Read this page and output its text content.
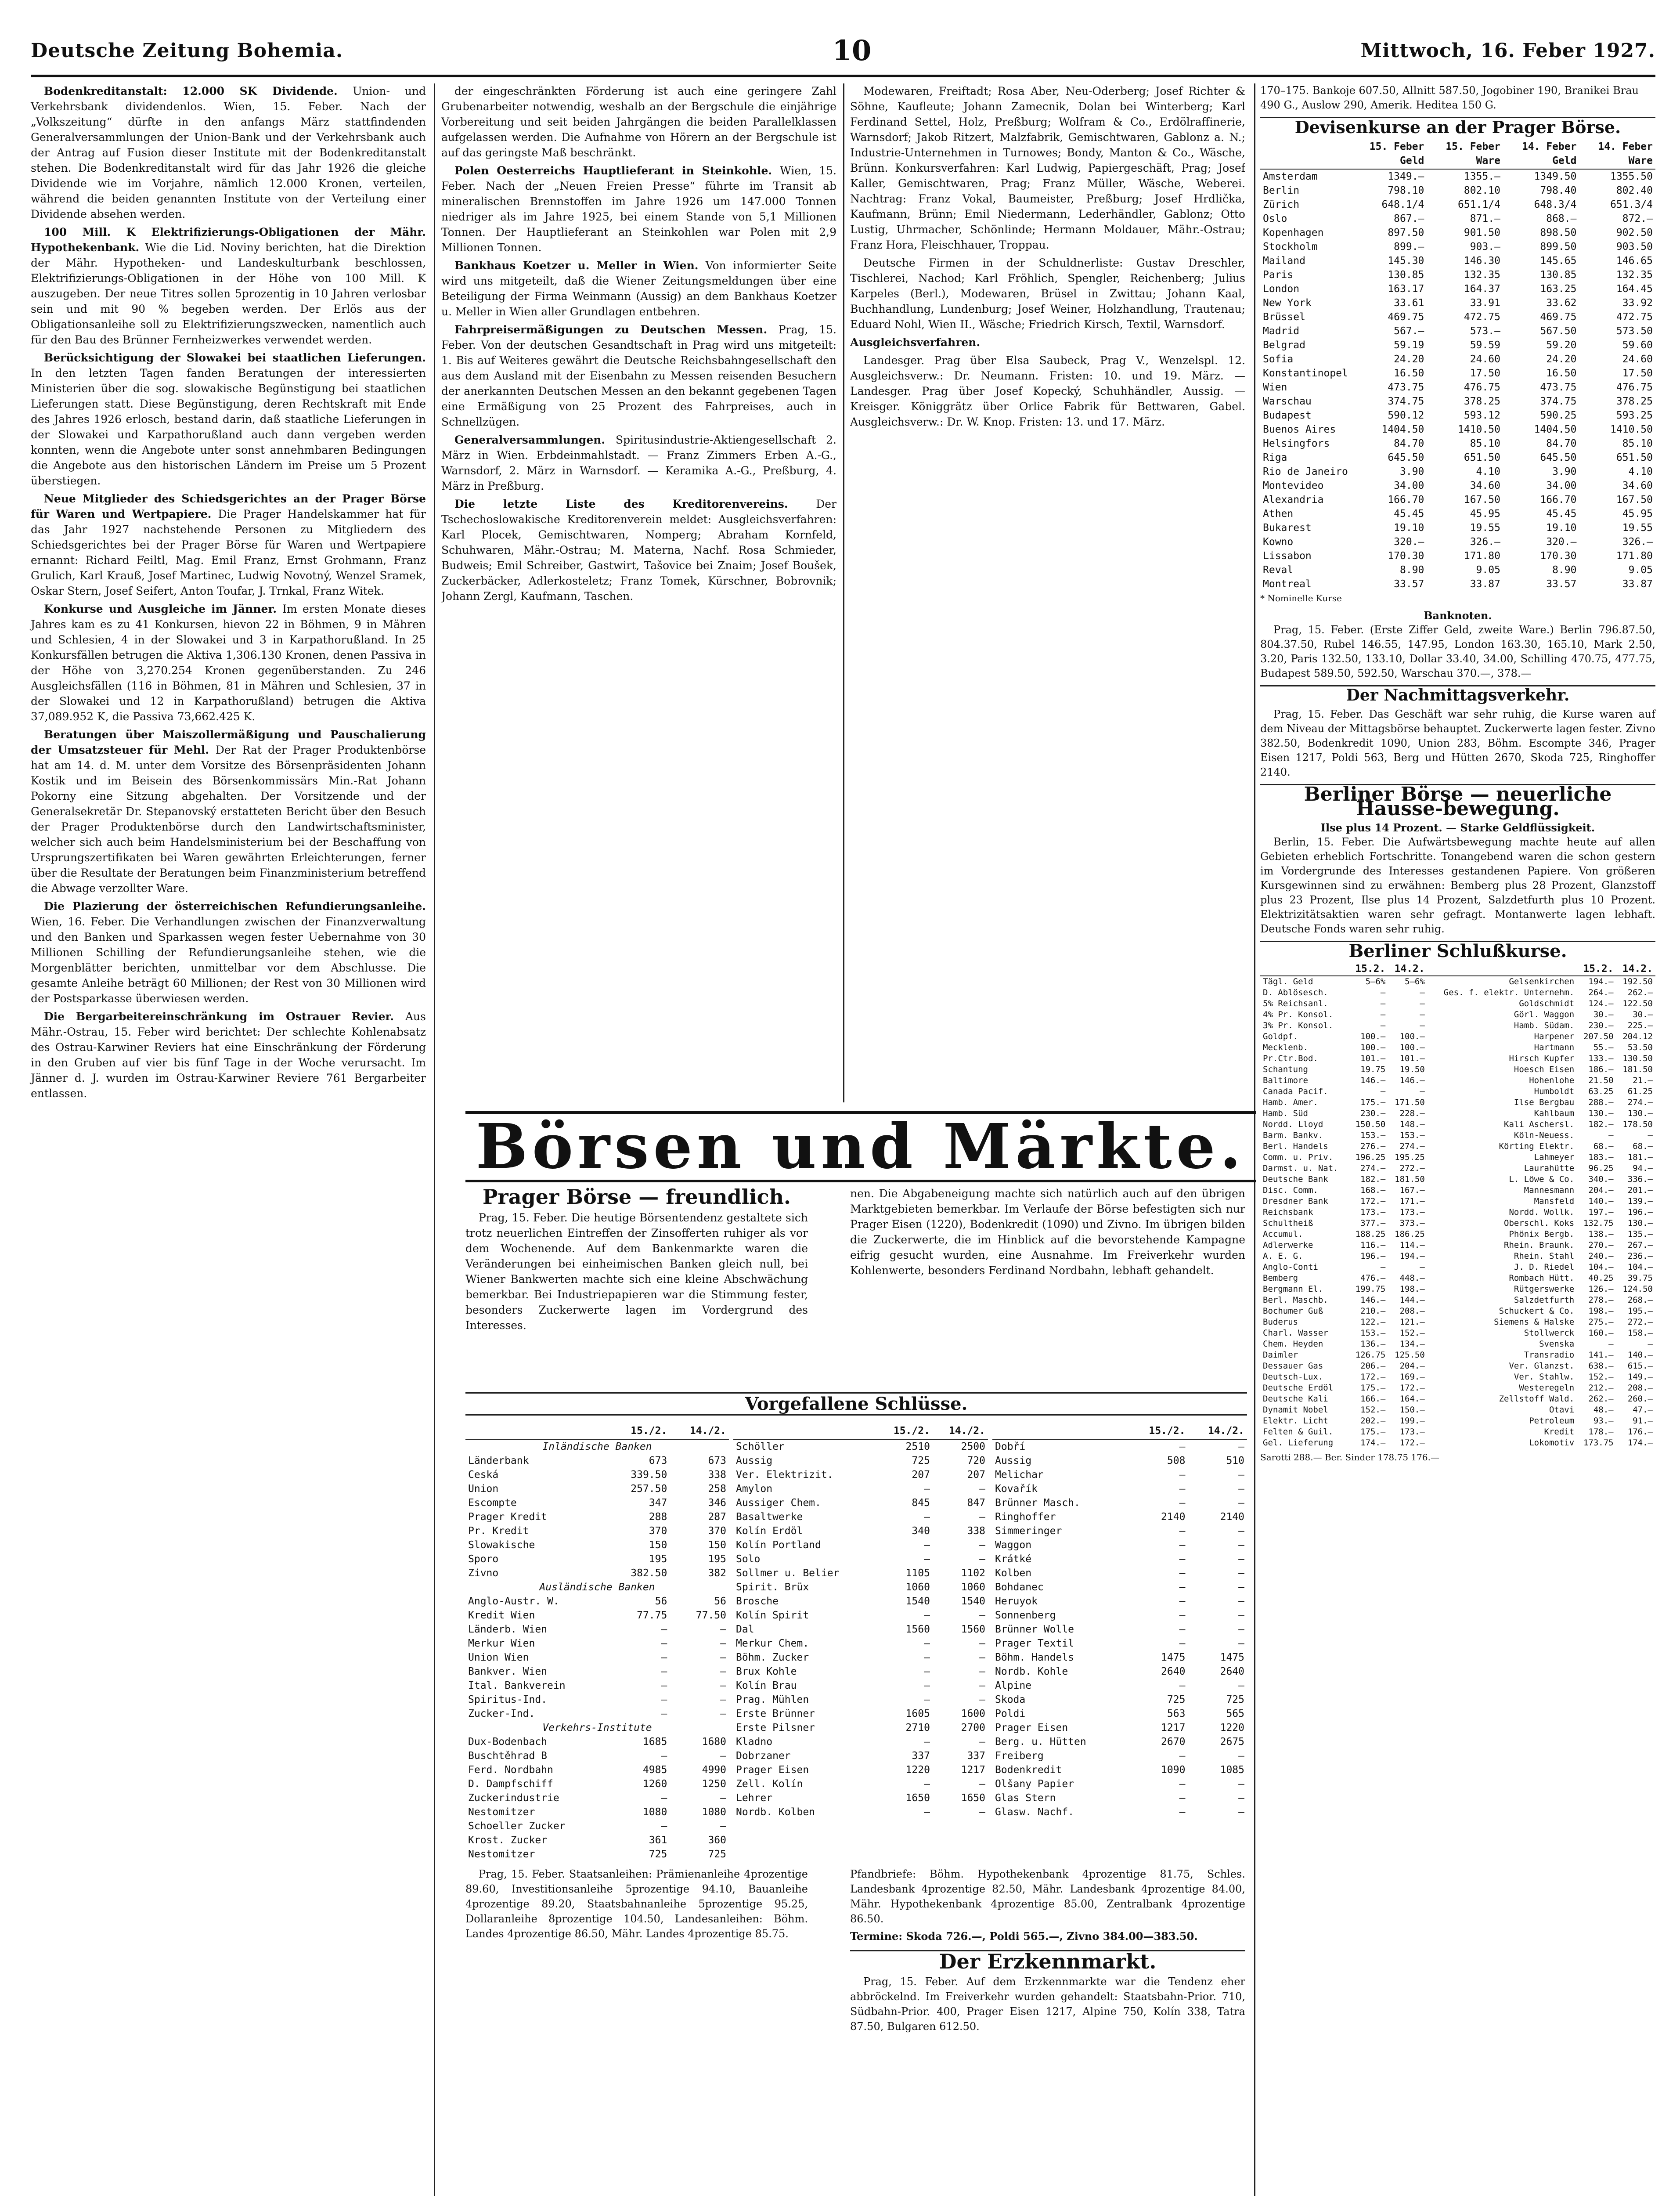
Deutsche Zeitung Bohemia.	10	Mittwoch, 16. Feber 1927.

Bodenkreditanstalt: 12.000 SK Dividende. Union- und Verkehrsbank dividendenlos. Wien, 15. Feber. Nach der „Volkszeitung“ dürfte in den anfangs März stattfindenden Generalversammlungen der Union-Bank und der Verkehrsbank auch der Antrag auf Fusion dieser Institute mit der Bodenkreditanstalt stehen. Die Bodenkreditanstalt wird für das Jahr 1926 die gleiche Dividende wie im Vorjahre, nämlich 12.000 Kronen, verteilen, während die beiden genannten Institute von der Verteilung einer Dividende absehen werden.

100 Mill. K Elektrifizierungs-Obligationen der Mähr. Hypothekenbank. Wie die Lid. Noviny berichten, hat die Direktion der Mähr. Hypotheken- und Landeskulturbank beschlossen, Elektrifizierungs-Obligationen in der Höhe von 100 Mill. K auszugeben. Der neue Titres sollen 5prozentig in 10 Jahren verlosbar sein und mit 90 % begeben werden. Der Erlös aus der Obligationsanleihe soll zu Elektrifizierungszwecken, namentlich auch für den Bau des Brünner Fernheizwerkes verwendet werden.

Berücksichtigung der Slowakei bei staatlichen Lieferungen. In den letzten Tagen fanden Beratungen der interessierten Ministerien über die sog. slowakische Begünstigung bei staatlichen Lieferungen statt. Diese Begünstigung, deren Rechtskraft mit Ende des Jahres 1926 erlosch, bestand darin, daß staatliche Lieferungen in der Slowakei und Karpathorußland auch dann vergeben werden konnten, wenn die Angebote unter sonst annehmbaren Bedingungen die Angebote aus den historischen Ländern im Preise um 5 Prozent überstiegen.

Neue Mitglieder des Schiedsgerichtes an der Prager Börse für Waren und Wertpapiere. Die Prager Handelskammer hat für das Jahr 1927 nachstehende Personen zu Mitgliedern des Schiedsgerichtes bei der Prager Börse für Waren und Wertpapiere ernannt: Richard Feiltl, Mag. Emil Franz, Ernst Grohmann, Franz Grulich, Karl Krauß, Josef Martinec, Ludwig Novotný, Wenzel Sramek, Oskar Stern, Josef Seifert, Anton Toufar, J. Trnkal, Franz Witek.

Konkurse und Ausgleiche im Jänner. Im ersten Monate dieses Jahres kam es zu 41 Konkursen, hievon 22 in Böhmen, 9 in Mähren und Schlesien, 4 in der Slowakei und 3 in Karpathorußland. In 25 Konkursfällen betrugen die Aktiva 1,306.130 Kronen, denen Passiva in der Höhe von 3,270.254 Kronen gegenüberstanden. Zu 246 Ausgleichsfällen (116 in Böhmen, 81 in Mähren und Schlesien, 37 in der Slowakei und 12 in Karpathorußland) betrugen die Aktiva 37,089.952 K, die Passiva 73,662.425 K.

Beratungen über Maiszollermäßigung und Pauschalierung der Umsatzsteuer für Mehl. Der Rat der Prager Produktenbörse hat am 14. d. M. unter dem Vorsitze des Börsenpräsidenten Johann Kostik und im Beisein des Börsenkommissärs Min.-Rat Johann Pokorny eine Sitzung abgehalten. Der Vorsitzende und der Generalsekretär Dr. Stepanovský erstatteten Bericht über den Besuch der Prager Produktenbörse durch den Landwirtschaftsminister, welcher sich auch beim Handelsministerium bei der Beschaffung von Ursprungszertifikaten bei Waren gewährten Erleichterungen, ferner über die Resultate der Beratungen beim Finanzministerium betreffend die Abwage verzollter Ware.

Die Plazierung der österreichischen Refundierungsanleihe. Wien, 16. Feber. Die Verhandlungen zwischen der Finanzverwaltung und den Banken und Sparkassen wegen fester Uebernahme von 30 Millionen Schilling der Refundierungsanleihe stehen, wie die Morgenblätter berichten, unmittelbar vor dem Abschlusse. Die gesamte Anleihe beträgt 60 Millionen; der Rest von 30 Millionen wird der Postsparkasse überwiesen werden.

Die Bergarbeitereinschränkung im Ostrauer Revier. Aus Mähr.-Ostrau, 15. Feber wird berichtet: Der schlechte Kohlenabsatz des Ostrau-Karwiner Reviers hat eine Einschränkung der Förderung in den Gruben auf vier bis fünf Tage in der Woche verursacht. Im Jänner d. J. wurden im Ostrau-Karwiner Reviere 761 Bergarbeiter entlassen.

der eingeschränkten Förderung ist auch eine geringere Zahl Grubenarbeiter notwendig, weshalb an der Bergschule die einjährige Vorbereitung und seit beiden Jahrgängen die beiden Parallelklassen aufgelassen werden. Die Aufnahme von Hörern an der Bergschule ist auf das geringste Maß beschränkt.

Polen Oesterreichs Hauptlieferant in Steinkohle. Wien, 15. Feber. Nach der „Neuen Freien Presse“ führte im Transit ab mineralischen Brennstoffen im Jahre 1926 um 147.000 Tonnen niedriger als im Jahre 1925, bei einem Stande von 5,1 Millionen Tonnen. Der Hauptlieferant an Steinkohlen war Polen mit 2,9 Millionen Tonnen.

Bankhaus Koetzer u. Meller in Wien. Von informierter Seite wird uns mitgeteilt, daß die Wiener Zeitungsmeldungen über eine Beteiligung der Firma Weinmann (Aussig) an dem Bankhaus Koetzer u. Meller in Wien aller Grundlagen entbehren.

Fahrpreisermäßigungen zu Deutschen Messen. Prag, 15. Feber. Von der deutschen Gesandtschaft in Prag wird uns mitgeteilt: 1. Bis auf Weiteres gewährt die Deutsche Reichsbahngesellschaft den aus dem Ausland mit der Eisenbahn zu Messen reisenden Besuchern der anerkannten Deutschen Messen an den bekannt gegebenen Tagen eine Ermäßigung von 25 Prozent des Fahrpreises, auch in Schnellzügen.

Generalversammlungen. Spiritusindustrie-Aktiengesellschaft 2. März in Wien. Erbdeinmahlstadt. — Franz Zimmers Erben A.-G., Warnsdorf, 2. März in Warnsdorf. — Keramika A.-G., Preßburg, 4. März in Preßburg.

Die letzte Liste des Kreditorenvereins. Der Tschechoslowakische Kreditorenverein meldet: Ausgleichsverfahren: Karl Plocek, Gemischtwaren, Nomperg; Abraham Kornfeld, Schuhwaren, Mähr.-Ostrau; M. Materna, Nachf. Rosa Schmieder, Budweis; Emil Schreiber, Gastwirt, Tašovice bei Znaim; Josef Boušek, Zuckerbäcker, Adlerkosteletz; Franz Tomek, Kürschner, Bobrovnik; Johann Zergl, Kaufmann, Taschen.

Modewaren, Freiftadt; Rosa Aber, Neu-Oderberg; Josef Richter & Söhne, Kaufleute; Johann Zamecnik, Dolan bei Winterberg; Karl Ferdinand Settel, Holz, Preßburg; Wolfram & Co., Erdölraffinerie, Warnsdorf; Jakob Ritzert, Malzfabrik, Gemischtwaren, Gablonz a. N.; Industrie-Unternehmen in Turnowes; Bondy, Manton & Co., Wäsche, Brünn. Konkursverfahren: Karl Ludwig, Papiergeschäft, Prag; Josef Kaller, Gemischtwaren, Prag; Franz Müller, Wäsche, Weberei. Nachtrag: Franz Vokal, Baumeister, Preßburg; Josef Hrdlička, Kaufmann, Brünn; Emil Niedermann, Lederhändler, Gablonz; Otto Lustig, Uhrmacher, Schönlinde; Hermann Moldauer, Mähr.-Ostrau; Franz Hora, Fleischhauer, Troppau.

Deutsche Firmen in der Schuldnerliste: Gustav Dreschler, Tischlerei, Nachod; Karl Fröhlich, Spengler, Reichenberg; Julius Karpeles (Berl.), Modewaren, Brüsel in Zwittau; Johann Kaal, Buchhandlung, Lundenburg; Josef Weiner, Holzhandlung, Trautenau; Eduard Nohl, Wien II., Wäsche; Friedrich Kirsch, Textil, Warnsdorf.

Ausgleichsverfahren.

Landesger. Prag über Elsa Saubeck, Prag V., Wenzelspl. 12. Ausgleichsverw.: Dr. Neumann. Fristen: 10. und 19. März. — Landesger. Prag über Josef Kopecký, Schuhhändler, Aussig. — Kreisger. Königgrätz über Orlice Fabrik für Bettwaren, Gabel. Ausgleichsverw.: Dr. W. Knop. Fristen: 13. und 17. März.

Börsen und Märkte.
Prager Börse — freundlich.

Prag, 15. Feber. Die heutige Börsentendenz gestaltete sich trotz neuerlichen Eintreffen der Zinsofferten ruhiger als vor dem Wochenende. Auf dem Bankenmarkte waren die Veränderungen bei einheimischen Banken gleich null, bei Wiener Bankwerten machte sich eine kleine Abschwächung bemerkbar. Bei Industriepapieren war die Stimmung fester, besonders Zuckerwerte lagen im Vordergrund des Interesses.

nen. Die Abgabeneigung machte sich natürlich auch auf den übrigen Marktgebieten bemerkbar. Im Verlaufe der Börse befestigten sich nur Prager Eisen (1220), Bodenkredit (1090) und Zivno. Im übrigen bilden die Zuckerwerte, die im Hinblick auf die bevorstehende Kampagne eifrig gesucht wurden, eine Ausnahme. Im Freiverkehr wurden Kohlenwerte, besonders Ferdinand Nordbahn, lebhaft gehandelt.

Vorgefallene Schlüsse.
	15./2.	14./2.
Inländische Banken		
Länderbank	673	673
Ceská	339.50	338
Union	257.50	258
Escompte	347	346
Prager Kredit	288	287
Pr. Kredit	370	370
Slowakische	150	150
Sporo	195	195
Zivno	382.50	382
Ausländische Banken		
Anglo-Austr. W.	56	56
Kredit Wien	77.75	77.50
Länderb. Wien	—	—
Merkur Wien	—	—
Union Wien	—	—
Bankver. Wien	—	—
Ital. Bankverein	—	—
Spiritus-Ind.	—	—
Zucker-Ind.	—	—
Verkehrs-Institute		
Dux-Bodenbach	1685	1680
Buschtěhrad B	—	—
Ferd. Nordbahn	4985	4990
D. Dampfschiff	1260	1250
Zuckerindustrie	—	—
Nestomitzer	1080	1080
Schoeller Zucker	—	—
Krost. Zucker	361	360
Nestomitzer	725	725
	15./2.	14./2.
Schöller	2510	2500
Aussig	725	720
Ver. Elektrizit.	207	207
Amylon	—	—
Aussiger Chem.	845	847
Basaltwerke	—	—
Kolín Erdöl	340	338
Kolín Portland	—	—
Solo	—	—
Sollmer u. Belier	1105	1102
Spirit. Brüx	1060	1060
Brosche	1540	1540
Kolín Spirit	—	—
Dal	1560	1560
Merkur Chem.	—	—
Böhm. Zucker	—	—
Brux Kohle	—	—
Kolín Brau	—	—
Prag. Mühlen	—	—
Erste Brünner	1605	1600
Erste Pilsner	2710	2700
Kladno	—	—
Dobrzaner	337	337
Prager Eisen	1220	1217
Zell. Kolín	—	—
Lehrer	1650	1650
Nordb. Kolben	—	—
	15./2.	14./2.
Dobří	—	—
Aussig	508	510
Melichar	—	—
Kovařík	—	—
Brünner Masch.	—	—
Ringhoffer	2140	2140
Simmeringer	—	—
Waggon	—	—
Krátké	—	—
Kolben	—	—
Bohdanec	—	—
Heruyok	—	—
Sonnenberg	—	—
Brünner Wolle	—	—
Prager Textil	—	—
Böhm. Handels	1475	1475
Nordb. Kohle	2640	2640
Alpine	—	—
Skoda	725	725
Poldi	563	565
Prager Eisen	1217	1220
Berg. u. Hütten	2670	2675
Freiberg	—	—
Bodenkredit	1090	1085
Olšany Papier	—	—
Glas Stern	—	—
Glasw. Nachf.	—	—

Prag, 15. Feber. Staatsanleihen: Prämienanleihe 4prozentige 89.60, Investitionsanleihe 5prozentige 94.10, Bauanleihe 4prozentige 89.20, Staatsbahnanleihe 5prozentige 95.25, Dollaranleihe 8prozentige 104.50, Landesanleihen: Böhm. Landes 4prozentige 86.50, Mähr. Landes 4prozentige 85.75.

Pfandbriefe: Böhm. Hypothekenbank 4prozentige 81.75, Schles. Landesbank 4prozentige 82.50, Mähr. Landesbank 4prozentige 84.00, Mähr. Hypothekenbank 4prozentige 85.00, Zentralbank 4prozentige 86.50.

Termine: Skoda 726.—, Poldi 565.—, Zivno 384.00—383.50.

Der Erzkennmarkt.

Prag, 15. Feber. Auf dem Erzkennmarkte war die Tendenz eher abbröckelnd. Im Freiverkehr wurden gehandelt: Staatsbahn-Prior. 710, Südbahn-Prior. 400, Prager Eisen 1217, Alpine 750, Kolín 338, Tatra 87.50, Bulgaren 612.50.

170–175. Bankoje 607.50, Allnitt 587.50, Jogobiner 190, Branikei Brau 490 G., Auslow 290, Amerik. Heditea 150 G.

Devisenkurse an der Prager Börse.
	15. Feber Geld	15. Feber Ware	14. Feber Geld	14. Feber Ware
Amsterdam	1349.—	1355.—	1349.50	1355.50
Berlin	798.10	802.10	798.40	802.40
Zürich	648.1/4	651.1/4	648.3/4	651.3/4
Oslo	867.—	871.—	868.—	872.—
Kopenhagen	897.50	901.50	898.50	902.50
Stockholm	899.—	903.—	899.50	903.50
Mailand	145.30	146.30	145.65	146.65
Paris	130.85	132.35	130.85	132.35
London	163.17	164.37	163.25	164.45
New York	33.61	33.91	33.62	33.92
Brüssel	469.75	472.75	469.75	472.75
Madrid	567.—	573.—	567.50	573.50
Belgrad	59.19	59.59	59.20	59.60
Sofia	24.20	24.60	24.20	24.60
Konstantinopel	16.50	17.50	16.50	17.50
Wien	473.75	476.75	473.75	476.75
Warschau	374.75	378.25	374.75	378.25
Budapest	590.12	593.12	590.25	593.25
Buenos Aires	1404.50	1410.50	1404.50	1410.50
Helsingfors	84.70	85.10	84.70	85.10
Riga	645.50	651.50	645.50	651.50
Rio de Janeiro	3.90	4.10	3.90	4.10
Montevideo	34.00	34.60	34.00	34.60
Alexandria	166.70	167.50	166.70	167.50
Athen	45.45	45.95	45.45	45.95
Bukarest	19.10	19.55	19.10	19.55
Kowno	320.—	326.—	320.—	326.—
Lissabon	170.30	171.80	170.30	171.80
Reval	8.90	9.05	8.90	9.05
Montreal	33.57	33.87	33.57	33.87
* Nominelle Kurse
Banknoten.

Prag, 15. Feber. (Erste Ziffer Geld, zweite Ware.) Berlin 796.87.50, 804.37.50, Rubel 146.55, 147.95, London 163.30, 165.10, Mark 2.50, 3.20, Paris 132.50, 133.10, Dollar 33.40, 34.00, Schilling 470.75, 477.75, Budapest 589.50, 592.50, Warschau 370.—, 378.—

Der Nachmittagsverkehr.

Prag, 15. Feber. Das Geschäft war sehr ruhig, die Kurse waren auf dem Niveau der Mittagsbörse behauptet. Zuckerwerte lagen fester. Zivno 382.50, Bodenkredit 1090, Union 283, Böhm. Escompte 346, Prager Eisen 1217, Poldi 563, Berg und Hütten 2670, Skoda 725, Ringhoffer 2140.

Berliner Börse — neuerliche Hausse-bewegung.
Ilse plus 14 Prozent. — Starke Geldflüssigkeit.

Berlin, 15. Feber. Die Aufwärtsbewegung machte heute auf allen Gebieten erheblich Fortschritte. Tonangebend waren die schon gestern im Vordergrunde des Interesses gestandenen Papiere. Von größeren Kursgewinnen sind zu erwähnen: Bemberg plus 28 Prozent, Glanzstoff plus 23 Prozent, Ilse plus 14 Prozent, Salzdetfurth plus 10 Prozent. Elektrizitätsaktien waren sehr gefragt. Montanwerte lagen lebhaft. Deutsche Fonds waren sehr ruhig.

Berliner Schlußkurse.
	15.2.	14.2.		15.2.	14.2.
Tägl. Geld	5–6%	5–6%	Gelsenkirchen	194.—	192.50
D. Ablösesch.	—	—	Ges. f. elektr. Unternehm.	264.—	262.—
5% Reichsanl.	—	—	Goldschmidt	124.—	122.50
4% Pr. Konsol.	—	—	Görl. Waggon	30.—	30.—
3% Pr. Konsol.	—	—	Hamb. Südam.	230.—	225.—
Goldpf.	100.—	100.—	Harpener	207.50	204.12
Mecklenb.	100.—	100.—	Hartmann	55.—	53.50
Pr.Ctr.Bod.	101.—	101.—	Hirsch Kupfer	133.—	130.50
Schantung	19.75	19.50	Hoesch Eisen	186.—	181.50
Baltimore	146.—	146.—	Hohenlohe	21.50	21.—
Canada Pacif.	—	—	Humboldt	63.25	61.25
Hamb. Amer.	175.—	171.50	Ilse Bergbau	288.—	274.—
Hamb. Süd	230.—	228.—	Kahlbaum	130.—	130.—
Nordd. Lloyd	150.50	148.—	Kali Aschersl.	182.—	178.50
Barm. Bankv.	153.—	153.—	Köln-Neuess.	—	—
Berl. Handels	276.—	274.—	Körting Elektr.	68.—	68.—
Comm. u. Priv.	196.25	195.25	Lahmeyer	183.—	181.—
Darmst. u. Nat.	274.—	272.—	Laurahütte	96.25	94.—
Deutsche Bank	182.—	181.50	L. Löwe & Co.	340.—	336.—
Disc. Comm.	168.—	167.—	Mannesmann	204.—	201.—
Dresdner Bank	172.—	171.—	Mansfeld	140.—	139.—
Reichsbank	173.—	173.—	Nordd. Wollk.	197.—	196.—
Schultheiß	377.—	373.—	Oberschl. Koks	132.75	130.—
Accumul.	188.25	186.25	Phönix Bergb.	138.—	135.—
Adlerwerke	116.—	114.—	Rhein. Braunk.	270.—	267.—
A. E. G.	196.—	194.—	Rhein. Stahl	240.—	236.—
Anglo-Conti	—	—	J. D. Riedel	104.—	104.—
Bemberg	476.—	448.—	Rombach Hütt.	40.25	39.75
Bergmann El.	199.75	198.—	Rütgerswerke	126.—	124.50
Berl. Maschb.	146.—	144.—	Salzdetfurth	278.—	268.—
Bochumer Guß	210.—	208.—	Schuckert & Co.	198.—	195.—
Buderus	122.—	121.—	Siemens & Halske	275.—	272.—
Charl. Wasser	153.—	152.—	Stollwerck	160.—	158.—
Chem. Heyden	136.—	134.—	Svenska	—	—
Daimler	126.75	125.50	Transradio	141.—	140.—
Dessauer Gas	206.—	204.—	Ver. Glanzst.	638.—	615.—
Deutsch-Lux.	172.—	169.—	Ver. Stahlw.	152.—	149.—
Deutsche Erdöl	175.—	172.—	Westeregeln	212.—	208.—
Deutsche Kali	166.—	164.—	Zellstoff Wald.	262.—	260.—
Dynamit Nobel	152.—	150.—	Otavi	48.—	47.—
Elektr. Licht	202.—	199.—	Petroleum	93.—	91.—
Felten & Guil.	175.—	173.—	Kredit	178.—	176.—
Gel. Lieferung	174.—	172.—	Lokomotiv	173.75	174.—
Sarotti 288.— Ber. Sinder 178.75 176.—
